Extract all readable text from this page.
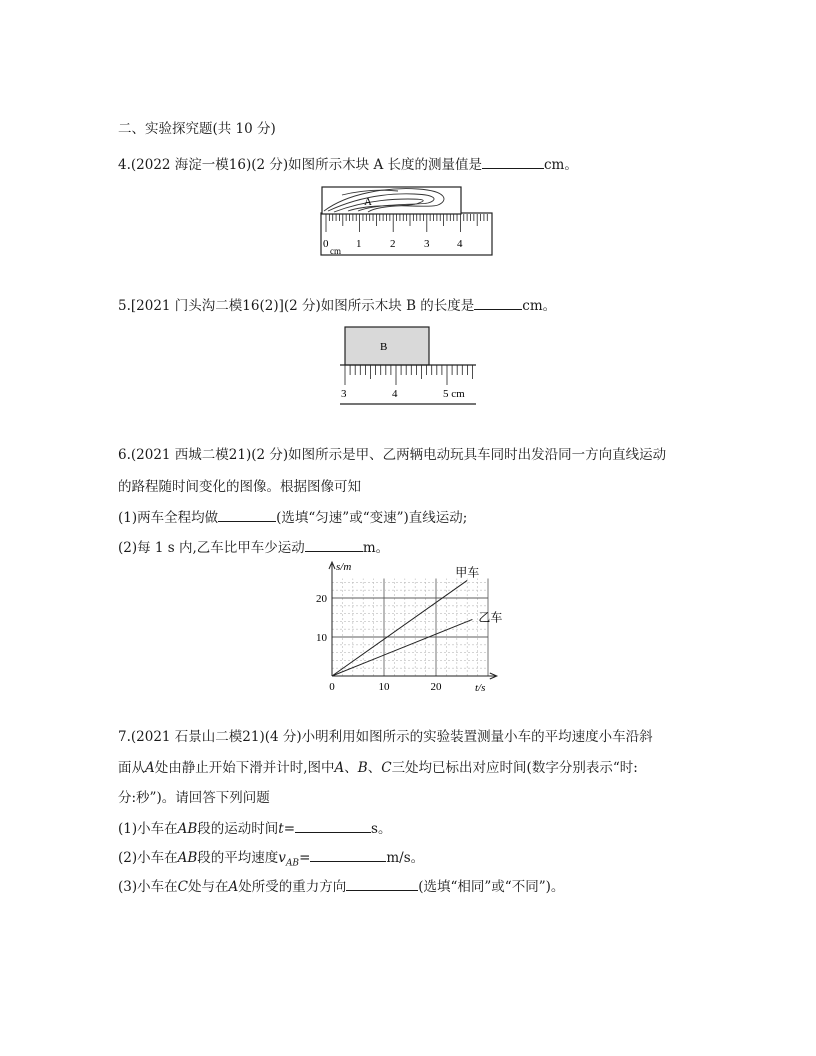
二、实验探究题(共 10 分)
4.(2022 海淀一模16)(2 分)如图所示木块 A 长度的测量值是	cm。
A
0
cm
1	2	3	4
5.[2021 门头沟二模16(2)](2 分)如图所示木块 B 的长度是	cm。
B
3	4	5 cm
6.(2021 西城二模21)(2 分)如图所示是甲、乙两辆电动玩具车同时出发沿同一方向直线运动
的路程随时间变化的图像。根据图像可知
(1)两车全程均做	(选填“匀速”或“变速”)直线运动;
(2)每 1 s 内,乙车比甲车少运动	m。
甲车
乙车
0	10	20
10
20
s/m
t/s
7.(2021 石景山二模21)(4 分)小明利用如图所示的实验装置测量小车的平均速度小车沿斜
面从A处由静止开始下滑并计时,图中A、B、C三处均已标出对应时间(数字分别表示“时:
分:秒”)。请回答下列问题
(1)小车在AB段的运动时间t=	s。
(2)小车在AB段的平均速度$v_{AB}=$	m/s。
(3)小车在C处与在A处所受的重力方向	(选填“相同”或“不同”)。
